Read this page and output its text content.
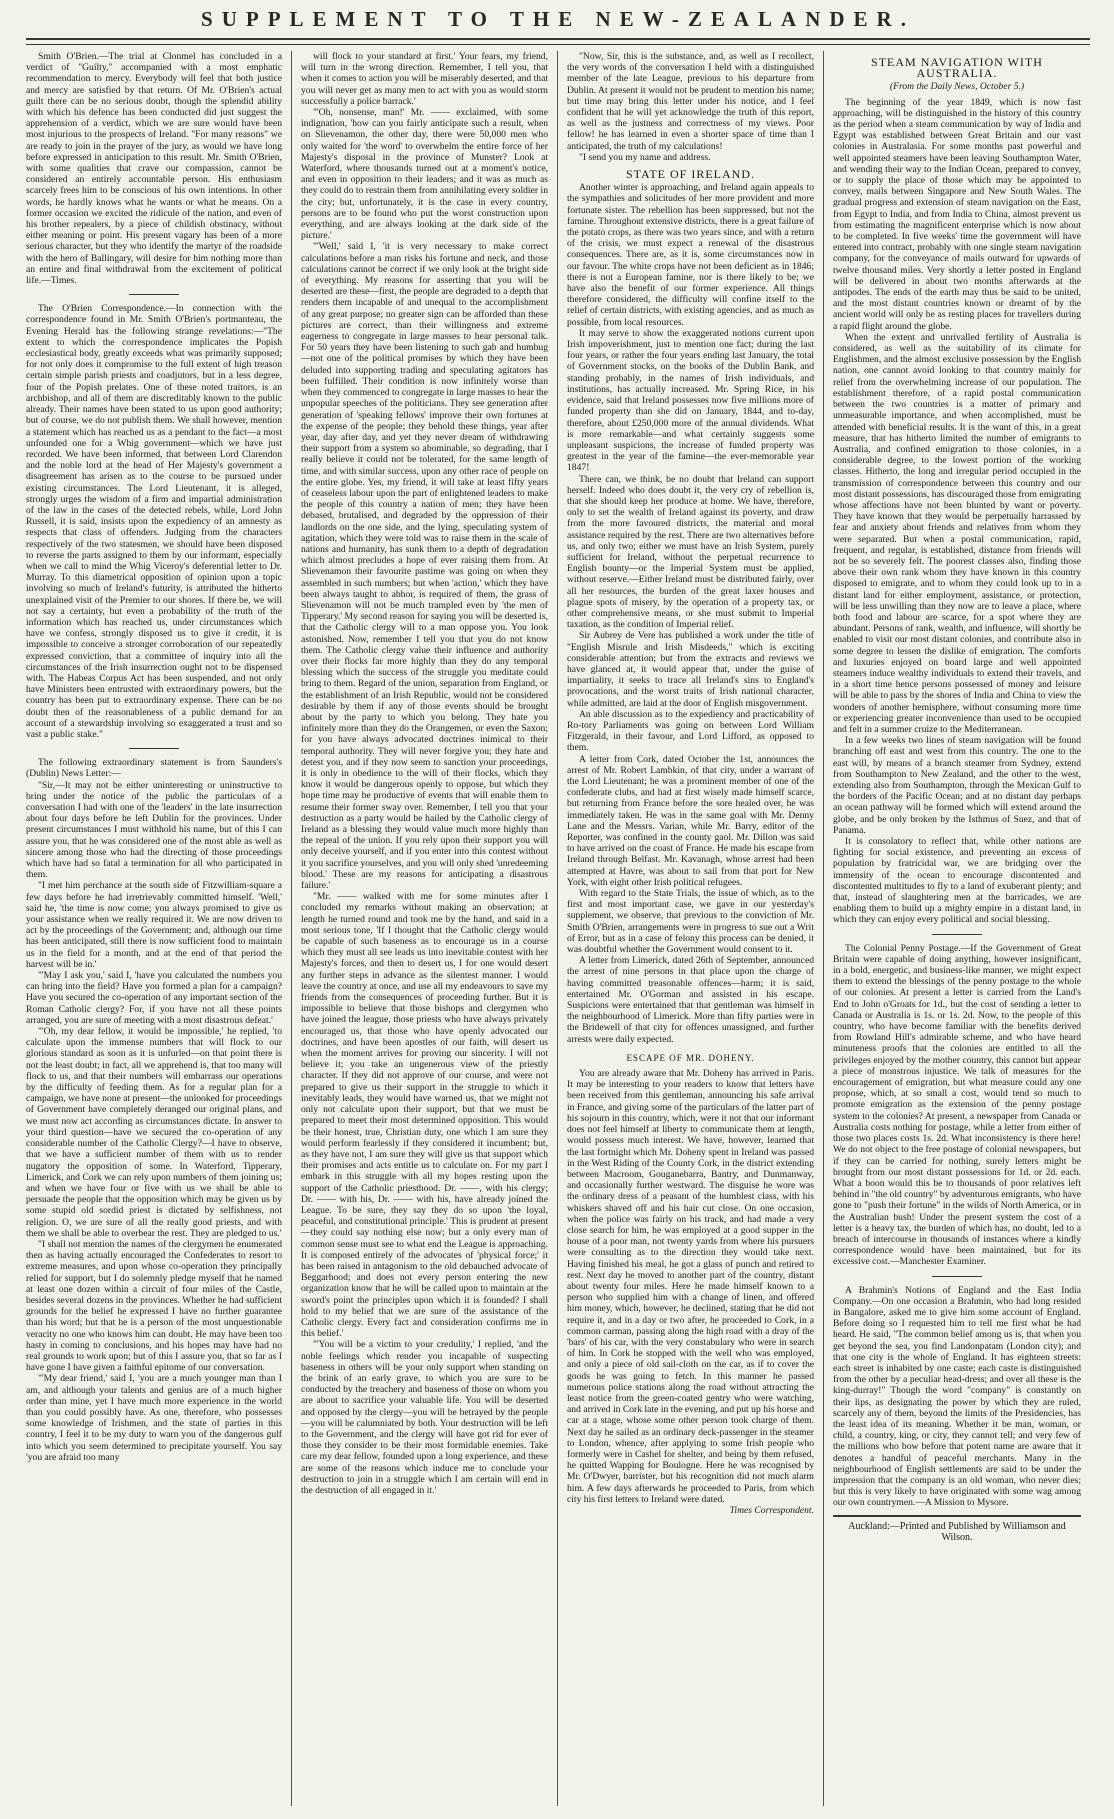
SUPPLEMENT TO THE NEW-ZEALANDER.

Smith O'Brien.—The trial at Clonmel has concluded in a verdict of "Guilty," accompanied with a most emphatic recommendation to mercy. Everybody will feel that both justice and mercy are satisfied by that return. Of Mr. O'Brien's actual guilt there can be no serious doubt, though the splendid ability with which his defence has been conducted did just suggest the apprehension of a verdict, which we are sure would have been most injurious to the prospects of Ireland. "For many reasons" we are ready to join in the prayer of the jury, as would we have long before expressed in anticipation to this result. Mr. Smith O'Brien, with some qualities that crave our compassion, cannot be considered an entirely accountable person. His enthusiasm scarcely frees him to be conscious of his own intentions. In other words, he hardly knows what he wants or what he means. On a former occasion we excited the ridicule of the nation, and even of his brother repealers, by a piece of childish obstinacy, without either meaning or point. His present vagary has been of a more serious character, but they who identify the martyr of the roadside with the hero of Ballingary, will desire for him nothing more than an entire and final withdrawal from the excitement of political life.—Times.

The O'Brien Correspondence.—In connection with the correspondence found in Mr. Smith O'Brien's portmanteau, the Evening Herald has the following strange revelations:—"The extent to which the correspondence implicates the Popish ecclesiastical body, greatly exceeds what was primarily supposed; for not only does it compromise to the full extent of high treason certain simple parish priests and coadjutors, but in a less degree, four of the Popish prelates. One of these noted traitors, is an archbishop, and all of them are discreditably known to the public already. Their names have been stated to us upon good authority; but of course, we do not publish them. We shall however, mention a statement which has reached us as a pendant to the fact—a most unfounded one for a Whig government—which we have just recorded. We have been informed, that between Lord Clarendon and the noble lord at the head of Her Majesty's government a disagreement has arisen as to the course to be pursued under existing circumstances. The Lord Lieutenant, it is alleged, strongly urges the wisdom of a firm and impartial administration of the law in the cases of the detected rebels, while, Lord John Russell, it is said, insists upon the expediency of an amnesty as respects that class of offenders. Judging from the characters respectively of the two statesmen, we should have been disposed to reverse the parts assigned to them by our informant, especially when we call to mind the Whig Viceroy's deferential letter to Dr. Murray. To this diametrical opposition of opinion upon a topic involving so much of Ireland's futurity, is attributed the hitherto unexplained visit of the Premier to our shores. If there be, we will not say a certainty, but even a probability of the truth of the information which has reached us, under circumstances which have we confess, strongly disposed us to give it credit, it is impossible to conceive a stronger corroboration of our repeatedly expressed conviction, that a committee of inquiry into all the circumstances of the Irish insurrection ought not to be dispensed with. The Habeas Corpus Act has been suspended, and not only have Ministers been entrusted with extraordinary powers, but the country has been put to extraordinary expense. There can be no doubt then of the reasonableness of a public demand for an account of a stewardship involving so exaggerated a trust and so vast a public stake."

The following extraordinary statement is from Saunders's (Dublin) News Letter:—

"Sir,—It may not be either uninteresting or uninstructive to bring under the notice of the public the particulars of a conversation I had with one of the 'leaders' in the late insurrection about four days before he left Dublin for the provinces. Under present circumstances I must withhold his name, but of this I can assure you, that he was considered one of the most able as well as sincere among those who had the directing of those proceedings which have had so fatal a termination for all who participated in them.

"I met him perchance at the south side of Fitzwilliam-square a few days before he had irretrievably committed himself. 'Well,' said he, 'the time is now come; you always promised to give us your assistance when we really required it. We are now driven to act by the proceedings of the Government; and, although our time has been anticipated, still there is now sufficient food to maintain us in the field for a month, and at the end of that period the harvest will be in.'

"'May I ask you,' said I, 'have you calculated the numbers you can bring into the field? Have you formed a plan for a campaign? Have you secured the co-operation of any important section of the Roman Catholic clergy? For, if you have not all these points arranged, you are sure of meeting with a most disastrous defeat.'

"'Oh, my dear fellow, it would be impossible,' he replied, 'to calculate upon the immense numbers that will flock to our glorious standard as soon as it is unfurled—on that point there is not the least doubt; in fact, all we apprehend is, that too many will flock to us, and that their numbers will embarrass our operations by the difficulty of feeding them. As for a regular plan for a campaign, we have none at present—the unlooked for proceedings of Government have completely deranged our original plans, and we must now act according as circumstances dictate. In answer to your third question—have we secured the co-operation of any considerable number of the Catholic Clergy?—I have to observe, that we have a sufficient number of them with us to render nugatory the opposition of some. In Waterford, Tipperary, Limerick, and Cork we can rely upon numbers of them joining us; and when we have four or five with us we shall be able to persuade the people that the opposition which may be given us by some stupid old sordid priest is dictated by selfishness, not religion. O, we are sure of all the really good priests, and with them we shall be able to overbear the rest. They are pledged to us.'

"I shall not mention the names of the clergymen he enumerated then as having actually encouraged the Confederates to resort to extreme measures, and upon whose co-operation they principally relied for support, but I do solemnly pledge myself that he named at least one dozen within a circuit of four miles of the Castle, besides several dozens in the provinces. Whether he had sufficient grounds for the belief he expressed I have no further guarantee than his word; but that he is a person of the most unquestionable veracity no one who knows him can doubt. He may have been too hasty in coming to conclusions, and his hopes may have had no real grounds to work upon; but of this I assure you, that so far as I have gone I have given a faithful epitome of our conversation.

"'My dear friend,' said I, 'you are a much younger man than I am, and although your talents and genius are of a much higher order than mine, yet I have much more experience in the world than you could possibly have. As one, therefore, who possesses some knowledge of Irishmen, and the state of parties in this country, I feel it to be my duty to warn you of the dangerous gulf into which you seem determined to precipitate yourself. You say 'you are afraid too many

will flock to your standard at first.' Your fears, my friend, will turn in the wrong direction. Remember, I tell you, that when it comes to action you will be miserably deserted, and that you will never get as many men to act with you as would storm successfully a police barrack.'

"'Oh, nonsense, man!' Mr. —— exclaimed, with some indignation, 'how can you fairly anticipate such a result, when on Slievenamon, the other day, there were 50,000 men who only waited for 'the word' to overwhelm the entire force of her Majesty's disposal in the province of Munster? Look at Waterford, where thousands turned out at a moment's notice, and even in opposition to their leaders; and it was as much as they could do to restrain them from annihilating every soldier in the city; but, unfortunately, it is the case in every country, persons are to be found who put the worst construction upon everything, and are always looking at the dark side of the picture.'

"'Well,' said I, 'it is very necessary to make correct calculations before a man risks his fortune and neck, and those calculations cannot be correct if we only look at the bright side of everything. My reasons for asserting that you will be deserted are these—first, the people are degraded to a depth that renders them incapable of and unequal to the accomplishment of any great purpose; no greater sign can be afforded than these pictures are correct, than their willingness and extreme eagerness to congregate in large masses to hear personal talk. For 50 years they have been listening to such gab and humbug—not one of the political promises by which they have been deluded into supporting trading and speculating agitators has been fulfilled. Their condition is now infinitely worse than when they commenced to congregate in large masses to hear the unpopular speeches of the politicians. They see generation after generation of 'speaking fellows' improve their own fortunes at the expense of the people; they behold these things, year after year, day after day, and yet they never dream of withdrawing their support from a system so abominable, so degrading, that I really believe it could not be tolerated, for the same length of time, and with similar success, upon any other race of people on the entire globe. Yes, my friend, it will take at least fifty years of ceaseless labour upon the part of enlightened leaders to make the people of this country a nation of men; they have been debased, brutalised, and degraded by the oppression of their landlords on the one side, and the lying, speculating system of agitation, which they were told was to raise them in the scale of nations and humanity, has sunk them to a depth of degradation which almost precludes a hope of ever raising them from. At Slievenamon their favourite pastime was going on when they assembled in such numbers; but when 'action,' which they have been always taught to abhor, is required of them, the grass of Slievenamon will not be much trampled even by 'the men of Tipperary.' My second reason for saying you will be deserted is, that the Catholic clergy will to a man oppose you. You look astonished. Now, remember I tell you that you do not know them. The Catholic clergy value their influence and authority over their flocks far more highly than they do any temporal blessing which the success of the struggle you meditate could bring to them. Regard of the union, separation from England, or the establishment of an Irish Republic, would not be considered desirable by them if any of those events should be brought about by the party to which you belong. They hate you infinitely more than they do the Orangemen, or even the Saxon; for you have always advocated doctrines inimical to their temporal authority. They will never forgive you; they hate and detest you, and if they now seem to sanction your proceedings, it is only in obedience to the will of their flocks, which they know it would be dangerous openly to oppose, but which they hope time may be productive of events that will enable them to resume their former sway over. Remember, I tell you that your destruction as a party would be hailed by the Catholic clergy of Ireland as a blessing they would value much more highly than the repeal of the union. If you rely upon their support you will only deceive yourself, and if you enter into this contest without it you sacrifice yourselves, and you will only shed 'unredeeming blood.' These are my reasons for anticipating a disastrous failure.'

"Mr. —— walked with me for some minutes after I concluded my remarks without making an observation; at length he turned round and took me by the hand, and said in a most serious tone, 'If I thought that the Catholic clergy would be capable of such baseness as to encourage us in a course which they must all see leads us into inevitable contest with her Majesty's forces, and then to desert us, I for one would desert any further steps in advance as the silentest manner. I would leave the country at once, and use all my endeavours to save my friends from the consequences of proceeding further. But it is impossible to believe that those bishops and clergymen who have joined the league, those priests who have always privately encouraged us, that those who have openly advocated our doctrines, and have been apostles of our faith, will desert us when the moment arrives for proving our sincerity. I will not believe it; you take an ungenerous view of the priestly character. If they did not approve of our course, and were not prepared to give us their support in the struggle to which it inevitably leads, they would have warned us, that we might not only not calculate upon their support, but that we must be prepared to meet their most determined opposition. This would be their honest, true, Christian duty, one which I am sure they would perform fearlessly if they considered it incumbent; but, as they have not, I am sure they will give us that support which their promises and acts entitle us to calculate on. For my part I embark in this struggle with all my hopes resting upon the support of the Catholic priesthood. Dr. ——, with his clergy; Dr. —— with his, Dr. —— with his, have already joined the League. To be sure, they say they do so upon 'the loyal, peaceful, and constitutional principle.' This is prudent at present—they could say nothing else now; but a only every man of common sense must see to what end the League is approaching. It is composed entirely of the advocates of 'physical force;' it has been raised in antagonism to the old debauched advocate of Beggarhood; and does not every person entering the new organization know that he will be called upon to maintain at the sword's point the principles upon which it is founded? I shall hold to my belief that we are sure of the assistance of the Catholic clergy. Every fact and consideration confirms me in this belief.'

"'You will be a victim to your credulity,' I replied, 'and the noble feelings which render you incapable of suspecting baseness in others will be your only support when standing on the brink of an early grave, to which you are sure to be conducted by the treachery and baseness of those on whom you are about to sacrifice your valuable life. You will be deserted and opposed by the clergy—you will be betrayed by the people—you will be calumniated by both. Your destruction will be left to the Government, and the clergy will have got rid for ever of those they consider to be their most formidable enemies. Take care my dear fellow, founded upon a long experience, and these are some of the reasons which induce me to conclude your destruction to join in a struggle which I am certain will end in the destruction of all engaged in it.'

"Now, Sir, this is the substance, and, as well as I recollect, the very words of the conversation I held with a distinguished member of the late League, previous to his departure from Dublin. At present it would not be prudent to mention his name; but time may bring this letter under his notice, and I feel confident that he will yet acknowledge the truth of this report, as well as the justness and correctness of my views. Poor fellow! he has learned in even a shorter space of time than I anticipated, the truth of my calculations!

"I send you my name and address.

STATE OF IRELAND.

Another winter is approaching, and Ireland again appeals to the sympathies and solicitudes of her more provident and more fortunate sister. The rebellion has been suppressed, but not the famine. Throughout extensive districts, there is a great failure of the potato crops, as there was two years since, and with a return of the crisis, we must expect a renewal of the disastrous consequences. There are, as it is, some circumstances now in our favour. The white crops have not been deficient as in 1846; there is not a European famine, nor is there likely to be; we have also the benefit of our former experience. All things therefore considered, the difficulty will confine itself to the relief of certain districts, with existing agencies, and as much as possible, from local resources.

It may serve to show the exaggerated notions current upon Irish impoverishment, just to mention one fact; during the last four years, or rather the four years ending last January, the total of Government stocks, on the books of the Dublin Bank, and standing probably, in the names of Irish individuals, and institutions, has actually increased. Mr. Spring Rice, in his evidence, said that Ireland possesses now five millions more of funded property than she did on January, 1844, and to-day, therefore, about £250,000 more of the annual dividends. What is more remarkable—and what certainly suggests some unpleasant suspicions, the increase of funded property was greatest in the year of the famine—the ever-memorable year 1847!

There can, we think, be no doubt that Ireland can support herself. Indeed who does doubt it, the very cry of rebellion is, that she should keep her produce at home. We have, therefore, only to set the wealth of Ireland against its poverty, and draw from the more favoured districts, the material and moral assistance required by the rest. There are two alternatives before us, and only two; either we must have an Irish System, purely sufficient for Ireland, without the perpetual recurrence to English bounty—or the Imperial System must be applied, without reserve.—Either Ireland must be distributed fairly, over all her resources, the burden of the great laxer houses and plague spots of misery, by the operation of a property tax, or other comprehensive means, or she must submit to Imperial taxation, as the condition of Imperial relief.

Sir Aubrey de Vere has published a work under the title of "English Misrule and Irish Misdeeds," which is exciting considerable attention; but from the extracts and reviews we have glanced at, it would appear that, under the guise of impartiality, it seeks to trace all Ireland's sins to England's provocations, and the worst traits of Irish national character, while admitted, are laid at the door of English misgovernment.

An able discussion as to the expediency and practicability of Ro-tory Parliaments was going on between Lord William Fitzgerald, in their favour, and Lord Lifford, as opposed to them.

A letter from Cork, dated October the 1st, announces the arrest of Mr. Robert Lambkin, of that city, under a warrant of the Lord Lieutenant; he was a prominent member of one of the confederate clubs, and had at first wisely made himself scarce, but returning from France before the sore healed over, he was immediately taken. He was in the same goal with Mr. Denny Lane and the Messrs. Varian, while Mr. Barry, editor of the Reporter, was confined in the county gaol. Mr. Dillon was said to have arrived on the coast of France. He made his escape from Ireland through Belfast. Mr. Kavanagh, whose arrest had been attempted at Havre, was about to sail from that port for New York, with eight other Irish political refugees.

With regard to the State Trials, the issue of which, as to the first and most important case, we gave in our yesterday's supplement, we observe, that previous to the conviction of Mr. Smith O'Brien, arrangements were in progress to sue out a Writ of Error, but as in a case of felony this process can be denied, it was doubtful whether the Government would consent to it.

A letter from Limerick, dated 26th of September, announced the arrest of nine persons in that place upon the charge of having committed treasonable offences—harm; it is said, entertained Mr. O'Gorman and assisted in his escape. Suspicions were entertained that that gentleman was himself in the neighbourhood of Limerick. More than fifty parties were in the Bridewell of that city for offences unassigned, and further arrests were daily expected.

ESCAPE OF MR. DOHENY.

You are already aware that Mr. Doheny has arrived in Paris. It may be interesting to your readers to know that letters have been received from this gentleman, announcing his safe arrival in France, and giving some of the particulars of the latter part of his sojourn in this country, which, were it not that our informant does not feel himself at liberty to communicate them at length, would possess much interest. We have, however, learned that the last fortnight which Mr. Doheny spent in Ireland was passed in the West Riding of the County Cork, in the district extending between Macroom, Gouganebarra, Bantry, and Dunmanway, and occasionally further westward. The disguise he wore was the ordinary dress of a peasant of the humblest class, with his whiskers shaved off and his hair cut close. On one occasion, when the police was fairly on his track, and had made a very close search for him, he was employed at a good supper in the house of a poor man, not twenty yards from where his pursuers were consulting as to the direction they would take next. Having finished his meal, he got a glass of punch and retired to rest. Next day he moved to another part of the country, distant about twenty four miles. Here he made himself known to a person who supplied him with a change of linen, and offered him money, which, however, he declined, stating that he did not require it, and in a day or two after, he proceeded to Cork, in a common carman, passing along the high road with a dray of the 'bars' of his car, with the very constabulary who were in search of him. In Cork he stopped with the well who was employed, and only a piece of old sail-cloth on the car, as if to cover the goods he was going to fetch. In this manner he passed numerous police stations along the road without attracting the least notice from the green-coated gentry who were watching, and arrived in Cork late in the evening, and put up his horse and car at a stage, whose some other person took charge of them. Next day he sailed as an ordinary deck-passenger in the steamer to London, whence, after applying to some Irish people who formerly were in Cashel for shelter, and being by them refused, he quitted Wapping for Boulogne. Here he was recognised by Mr. O'Dwyer, barrister, but his recognition did not much alarm him. A few days afterwards he proceeded to Paris, from which city his first letters to Ireland were dated.

Times Correspondent.

STEAM NAVIGATION WITH AUSTRALIA.
(From the Daily News, October 5.)

The beginning of the year 1849, which is now fast approaching, will be distinguished in the history of this country as the period when a steam communication by way of India and Egypt was established between Great Britain and our vast colonies in Australasia. For some months past powerful and well appointed steamers have been leaving Southampton Water, and wending their way to the Indian Ocean, prepared to convey, or to supply the place of those which may be appointed to convey, mails between Singapore and New South Wales. The gradual progress and extension of steam navigation on the East, from Egypt to India, and from India to China, almost prevent us from estimating the magnificent enterprise which is now about to be completed. In five weeks' time the government will have entered into contract, probably with one single steam navigation company, for the conveyance of mails outward for upwards of twelve thousand miles. Very shortly a letter posted in England will be delivered in about two months afterwards at the antipodes. The ends of the earth may thus be said to be united, and the most distant countries known or dreamt of by the ancient world will only be as resting places for travellers during a rapid flight around the globe.

When the extent and unrivalled fertility of Australia is considered, as well as the suitability of its climate for Englishmen, and the almost exclusive possession by the English nation, one cannot avoid looking to that country mainly for relief from the overwhelming increase of our population. The establishment therefore, of a rapid postal communication between the two countries is a matter of primary and unmeasurable importance, and when accomplished, must be attended with beneficial results. It is the want of this, in a great measure, that has hitherto limited the number of emigrants to Australia, and confined emigration to those colonies, in a considerable degree, to the lowest portion of the working classes. Hitherto, the long and irregular period occupied in the transmission of correspondence between this country and our most distant possessions, has discouraged those from emigrating whose affections have not been blunted by want or poverty. They have known that they would be perpetually harrassed by fear and anxiety about friends and relatives from whom they were separated. But when a postal communication, rapid, frequent, and regular, is established, distance from friends will not be so severely felt. The poorest classes also, finding those above their own rank whom they have known in this country disposed to emigrate, and to whom they could look up to in a distant land for either employment, assistance, or protection, will be less unwilling than they now are to leave a place, where both food and labour are scarce, for a spot where they are abundant. Persons of rank, wealth, and influence, will shortly be enabled to visit our most distant colonies, and contribute also in some degree to lessen the dislike of emigration. The comforts and luxuries enjoyed on board large and well appointed steamers induce wealthy individuals to extend their travels, and in a short time hence persons possessed of money and leisure will be able to pass by the shores of India and China to view the wonders of another hemisphere, without consuming more time or experiencing greater inconvenience than used to be occupied and felt in a summer cruize to the Mediterranean.

In a few weeks two lines of steam navigation will be found branching off east and west from this country. The one to the east will, by means of a branch steamer from Sydney, extend from Southampton to New Zealand, and the other to the west, extending also from Southampton, through the Mexican Gulf to the borders of the Pacific Ocean; and at no distant day perhaps an ocean pathway will be formed which will extend around the globe, and be only broken by the Isthmus of Suez, and that of Panama.

It is consolatory to reflect that, while other nations are fighting for social existence, and preventing an excess of population by fratricidal war, we are bridging over the immensity of the ocean to encourage discontented and discontented multitudes to fly to a land of exuberant plenty; and that, instead of slaughtering men at the barricades, we are enabling them to build up a mighty empire in a distant land, in which they can enjoy every political and social blessing.

The Colonial Penny Postage.—If the Government of Great Britain were capable of doing anything, however insignificant, in a bold, energetic, and business-like manner, we might expect them to extend the blessings of the penny postage to the whole of our colonies. At present a letter is carried from the Land's End to John o'Groats for 1d., but the cost of sending a letter to Canada or Australia is 1s. or 1s. 2d. Now, to the people of this country, who have become familiar with the benefits derived from Rowland Hill's admirable scheme, and who have heard minuteness proofs that the colonies are entitled to all the privileges enjoyed by the mother country, this cannot but appear a piece of monstrous injustice. We talk of measures for the encouragement of emigration, but what measure could any one propose, which, at so small a cost, would tend so much to promote emigration as the extension of the penny postage system to the colonies? At present, a newspaper from Canada or Australia costs nothing for postage, while a letter from either of those two places costs 1s. 2d. What inconsistency is there here! We do not object to the free postage of colonial newspapers, but if they can be carried for nothing, surely letters might be brought from our most distant possessions for 1d. or 2d. each. What a boon would this be to thousands of poor relatives left behind in "the old country" by adventurous emigrants, who have gone to "push their fortune" in the wilds of North America, or in the Australian bush! Under the present system the cost of a letter is a heavy tax, the burden of which has, no doubt, led to a breach of intercourse in thousands of instances where a kindly correspondence would have been maintained, but for its excessive cost.—Manchester Examiner.

A Brahmin's Notions of England and the East India Company.—On one occasion a Brahmin, who had long resided in Bangalore, asked me to give him some account of England. Before doing so I requested him to tell me first what he had heard. He said, "The common belief among us is, that when you get beyond the sea, you find Landonpatam (London city); and that one city is the whole of England. It has eighteen streets: each street is inhabited by one caste; each caste is distinguished from the other by a peculiar head-dress; and over all these is the king-durray!" Though the word "company" is constantly on their lips, as designating the power by which they are ruled, scarcely any of them, beyond the limits of the Presidencies, has the least idea of its meaning. Whether it be man, woman, or child, a country, king, or city, they cannot tell; and very few of the millions who bow before that potent name are aware that it denotes a handful of peaceful merchants. Many in the neighbourhood of English settlements are said to be under the impression that the company is an old woman, who never dies; but this is very likely to have originated with some wag among our own countrymen.—A Mission to Mysore.

Auckland:—Printed and Published by Williamson and Wilson.
